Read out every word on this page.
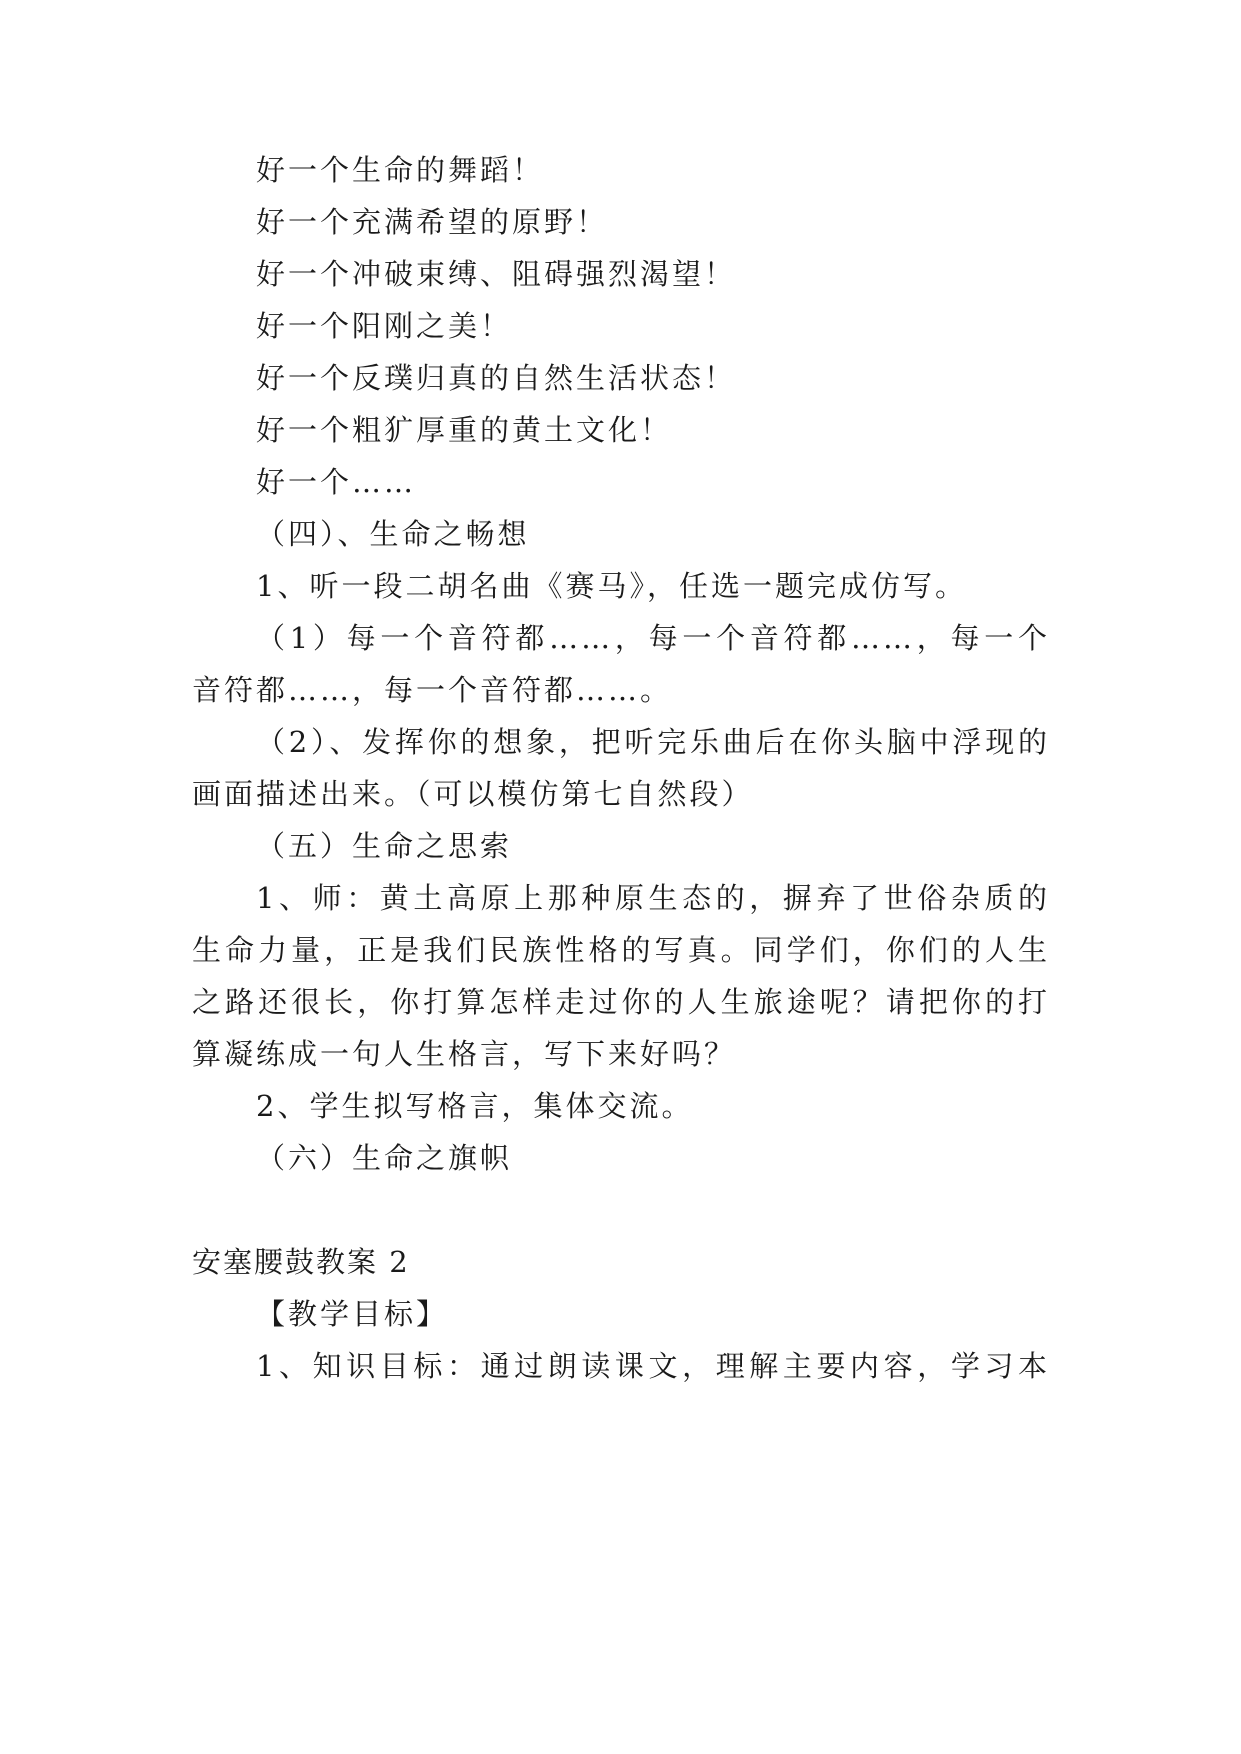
好一个生命的舞蹈！
好一个充满希望的原野！
好一个冲破束缚、阻碍强烈渴望！
好一个阳刚之美！
好一个反璞归真的自然生活状态！
好一个粗犷厚重的黄土文化！
好一个……
（四）、生命之畅想
1、听一段二胡名曲《赛马》，任选一题完成仿写。
（1）每一个音符都……，每一个音符都……，每一个
音符都……，每一个音符都……。
（2）、发挥你的想象，把听完乐曲后在你头脑中浮现的
画面描述出来。（可以模仿第七自然段）
（五）生命之思索
1、师：黄土高原上那种原生态的，摒弃了世俗杂质的
生命力量，正是我们民族性格的写真。同学们，你们的人生
之路还很长，你打算怎样走过你的人生旅途呢？请把你的打
算凝练成一句人生格言，写下来好吗？
2、学生拟写格言，集体交流。
（六）生命之旗帜
安塞腰鼓教案 2
【教学目标】
1、知识目标：通过朗读课文，理解主要内容，学习本
